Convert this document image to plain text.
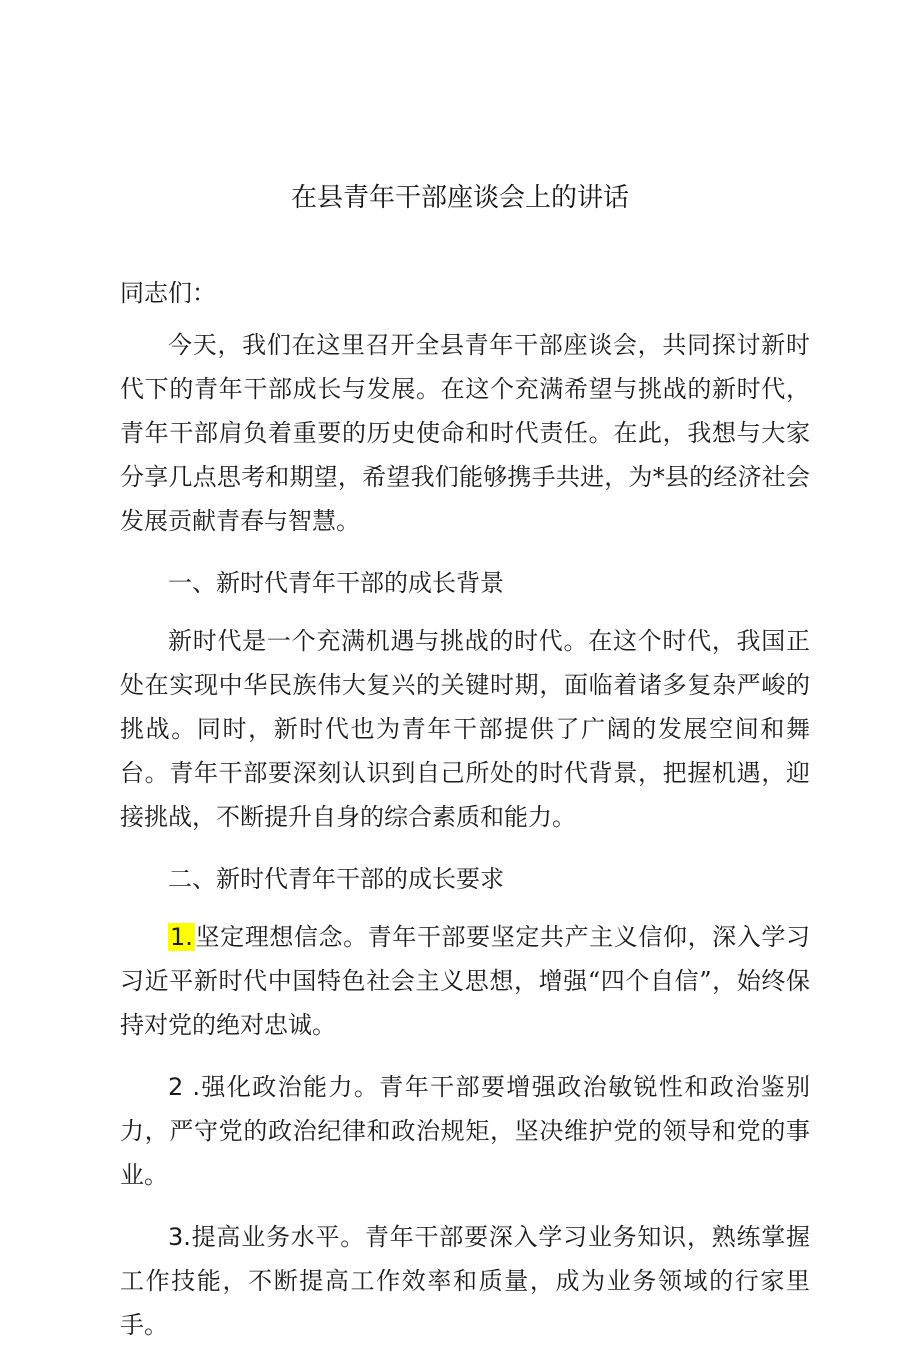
在县青年干部座谈会上的讲话

同志们：

今天，我们在这里召开全县青年干部座谈会，共同探讨新时代下的青年干部成长与发展。在这个充满希望与挑战的新时代，青年干部肩负着重要的历史使命和时代责任。在此，我想与大家分享几点思考和期望，希望我们能够携手共进，为*县的经济社会发展贡献青春与智慧。

一、新时代青年干部的成长背景

新时代是一个充满机遇与挑战的时代。在这个时代，我国正处在实现中华民族伟大复兴的关键时期，面临着诸多复杂严峻的挑战。同时，新时代也为青年干部提供了广阔的发展空间和舞台。青年干部要深刻认识到自己所处的时代背景，把握机遇，迎接挑战，不断提升自身的综合素质和能力。

二、新时代青年干部的成长要求

1.坚定理想信念。青年干部要坚定共产主义信仰，深入学习习近平新时代中国特色社会主义思想，增强“四个自信”，始终保持对党的绝对忠诚。

2 .强化政治能力。青年干部要增强政治敏锐性和政治鉴别力，严守党的政治纪律和政治规矩，坚决维护党的领导和党的事业。

3.提高业务水平。青年干部要深入学习业务知识，熟练掌握工作技能，不断提高工作效率和质量，成为业务领域的行家里手。
